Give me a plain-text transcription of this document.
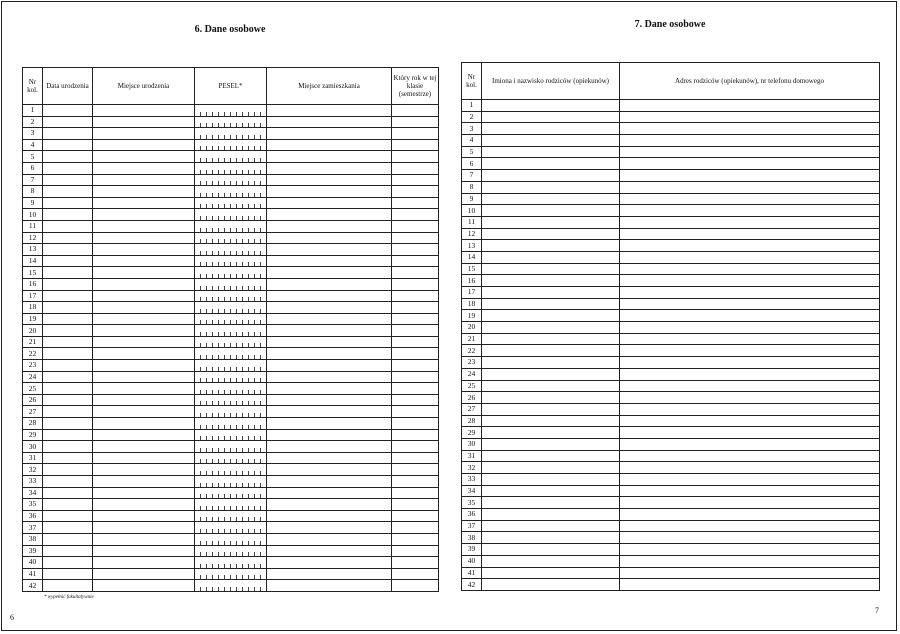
6. Dane osobowe	7. Dane osobowe
Nr kol.	Data urodzenia	Miejsce urodzenia	PESEL*	Miejsce zamieszkania	Który rok w tej klasie (semestrze)
1			

2			

3			

4			

5			

6			

7			

8			

9			

10			

11			

12			

13			

14			

15			

16			

17			

18			

19			

20			

21			

22			

23			

24			

25			

26			

27			

28			

29			

30			

31			

32			

33			

34			

35			

36			

37			

38			

39			

40			

41			

42			

Nr kol.	Imiona i nazwisko rodziców (opiekunów)	Adres rodziców (opiekunów), nr telefonu domowego
1		
2		
3		
4		
5		
6		
7		
8		
9		
10		
11		
12		
13		
14		
15		
16		
17		
18		
19		
20		
21		
22		
23		
24		
25		
26		
27		
28		
29		
30		
31		
32		
33		
34		
35		
36		
37		
38		
39		
40		
41		
42		
* wypełnić fakultatywnie
6
7
